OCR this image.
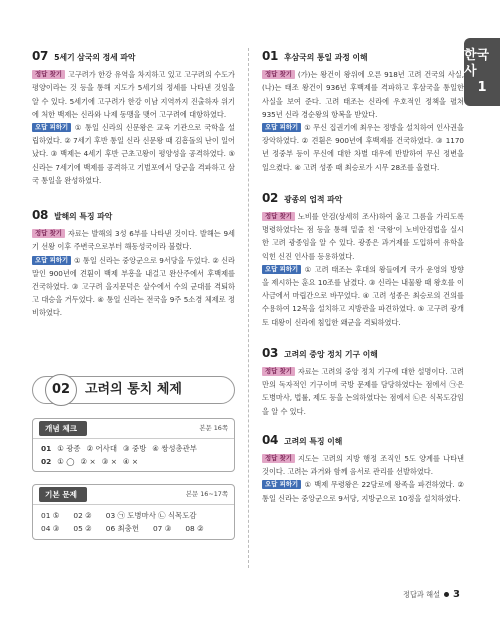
한국사
1
07 5세기 삼국의 정세 파악

정답 찾기 고구려가 한강 유역을 차지하고 있고 고구려의 수도가 평양이라는 것 등을 통해 지도가 5세기의 정세를 나타낸 것임을 알 수 있다. 5세기에 고구려가 한강 이남 지역까지 진출하자 위기에 처한 백제는 신라와 나제 동맹을 맺어 고구려에 대항하였다.

오답 피하기 ① 통일 신라의 신문왕은 교육 기관으로 국학을 설립하였다. ② 7세기 후반 통일 신라 신문왕 때 김흠돌의 난이 일어났다. ③ 백제는 4세기 후반 근초고왕이 평양성을 공격하였다. ⑤ 신라는 7세기에 백제를 공격하고 기벌포에서 당군을 격파하고 삼국 통일을 완성하였다.

08 발해의 특징 파악

정답 찾기 자료는 발해의 3성 6부를 나타낸 것이다. 발해는 9세기 선왕 이후 주변국으로부터 해동성국이라 불렸다.

오답 피하기 ① 통일 신라는 중앙군으로 9서당을 두었다. ② 신라 말인 900년에 견훤이 백제 부흥을 내걸고 완산주에서 후백제를 건국하였다. ③ 고구려 을지문덕은 살수에서 수의 군대를 격퇴하고 대승을 거두었다. ④ 통일 신라는 전국을 9주 5소경 체제로 정비하였다.

02	고려의 통치 체제
개념 체크	본문 16쪽
01 ① 광종 ② 어사대 ③ 중방 ④ 쌍성총관부
02 ① ◯ ② × ③ × ④ ×
기본 문제	본문 16~17쪽
01 ⑤ 02 ② 03 ㉠ 도병마사 ㉡ 식목도감
04 ③ 05 ② 06 최충헌 07 ③ 08 ②
01 후삼국의 통일 과정 이해

정답 찾기 (가)는 왕건이 왕위에 오른 918년 고려 건국의 사실, (나)는 태조 왕건이 936년 후백제를 격파하고 후삼국을 통일한 사실을 보여 준다. 고려 태조는 신라에 우호적인 정책을 펼쳐 935년 신라 경순왕의 항복을 받았다.

오답 피하기 ① 무신 집권기에 최우는 정방을 설치하여 인사권을 장악하였다. ② 견훤은 900년에 후백제를 건국하였다. ③ 1170년 정중부 등이 무신에 대한 차별 대우에 반발하여 무신 정변을 일으켰다. ④ 고려 성종 때 최승로가 시무 28조를 올렸다.

02 광종의 업적 파악

정답 찾기 노비를 안검(상세히 조사)하여 옳고 그름을 가리도록 명령하였다는 점 등을 통해 밑줄 친 '국왕'이 노비안검법을 실시한 고려 광종임을 알 수 있다. 광종은 과거제를 도입하여 유학을 익힌 신진 인사를 등용하였다.

오답 피하기 ① 고려 태조는 후대의 왕들에게 국가 운영의 방향을 제시하는 훈요 10조를 남겼다. ③ 신라는 내물왕 때 왕호를 이사금에서 마립간으로 바꾸었다. ④ 고려 성종은 최승로의 건의를 수용하여 12목을 설치하고 지방관을 파견하였다. ⑤ 고구려 광개토 대왕이 신라에 침입한 왜군을 격퇴하였다.

03 고려의 중앙 정치 기구 이해

정답 찾기 자료는 고려의 중앙 정치 기구에 대한 설명이다. 고려만의 독자적인 기구이며 국방 문제를 담당하였다는 점에서 ㉠은 도병마사, 법률, 제도 등을 논의하였다는 점에서 ㉡은 식목도감임을 알 수 있다.

04 고려의 특징 이해

정답 찾기 지도는 고려의 지방 행정 조직인 5도 양계를 나타낸 것이다. 고려는 과거와 함께 음서로 관리를 선발하였다.

오답 피하기 ① 백제 무령왕은 22담로에 왕족을 파견하였다. ② 통일 신라는 중앙군으로 9서당, 지방군으로 10정을 설치하였다.

정답과 해설 3
